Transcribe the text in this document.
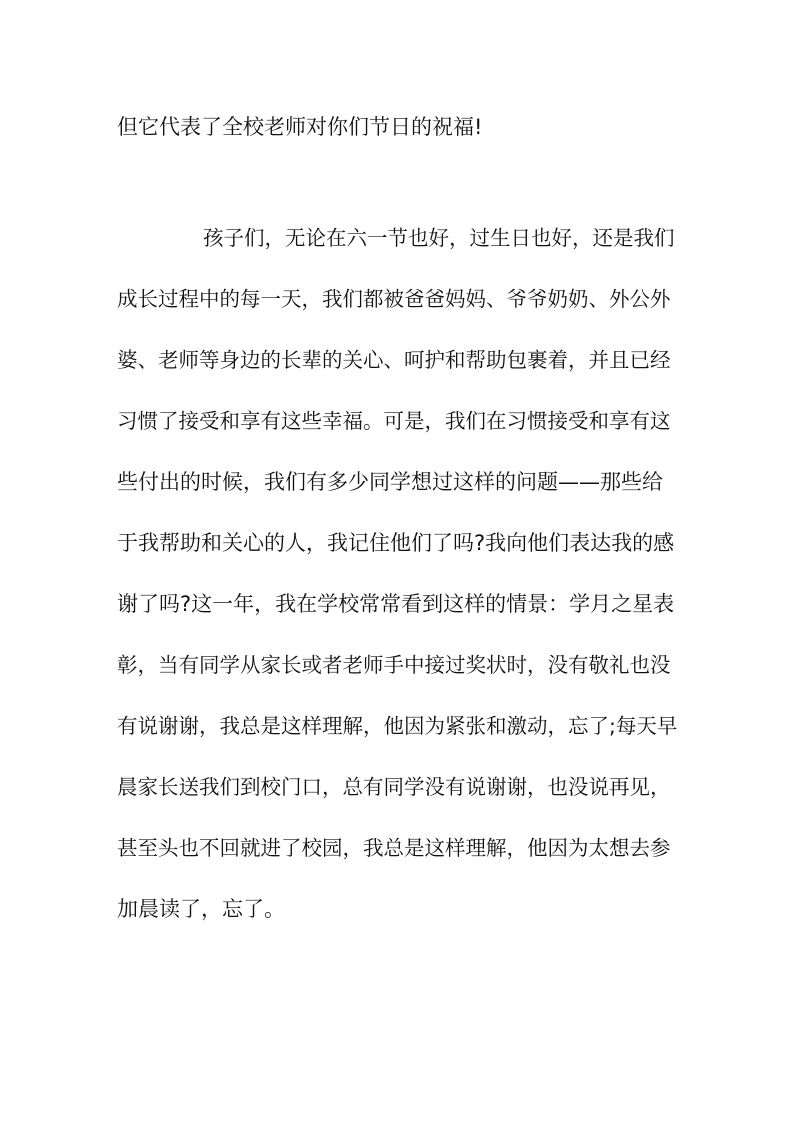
但它代表了全校老师对你们节日的祝福!
孩子们，无论在六一节也好，过生日也好，还是我们
成长过程中的每一天，我们都被爸爸妈妈、爷爷奶奶、外公外
婆、老师等身边的长辈的关心、呵护和帮助包裹着，并且已经
习惯了接受和享有这些幸福。可是，我们在习惯接受和享有这
些付出的时候，我们有多少同学想过这样的问题——那些给
于我帮助和关心的人，我记住他们了吗?我向他们表达我的感
谢了吗?这一年，我在学校常常看到这样的情景：学月之星表
彰，当有同学从家长或者老师手中接过奖状时，没有敬礼也没
有说谢谢，我总是这样理解，他因为紧张和激动，忘了;每天早
晨家长送我们到校门口，总有同学没有说谢谢，也没说再见，
甚至头也不回就进了校园，我总是这样理解，他因为太想去参
加晨读了，忘了。
